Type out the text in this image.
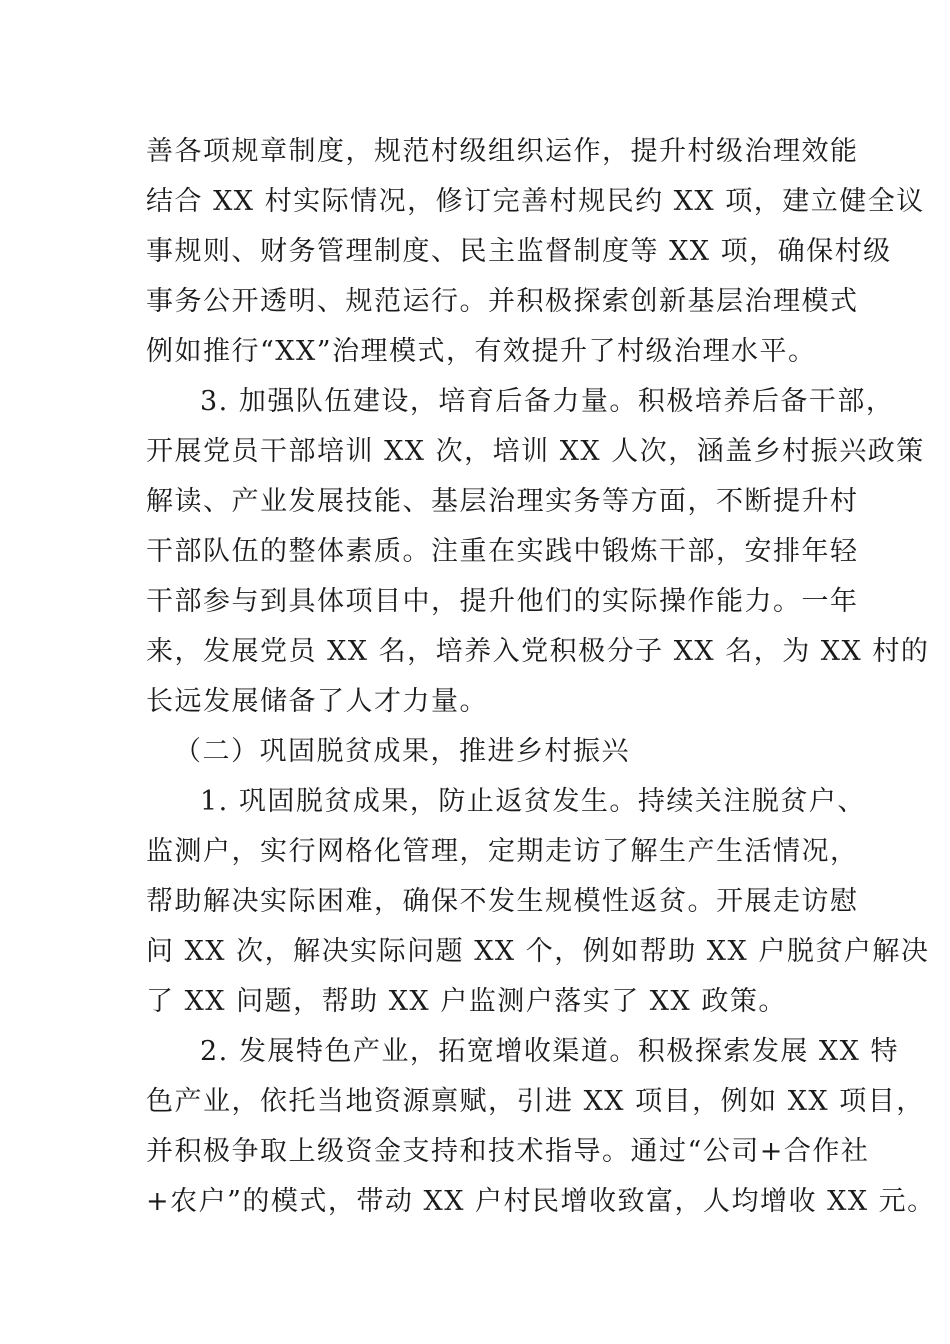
善各项规章制度，规范村级组织运作，提升村级治理效能
结合 XX 村实际情况，修订完善村规民约 XX 项，建立健全议
事规则、财务管理制度、民主监督制度等 XX 项，确保村级
事务公开透明、规范运行。并积极探索创新基层治理模式
例如推行“XX”治理模式，有效提升了村级治理水平。
3. 加强队伍建设，培育后备力量。积极培养后备干部，
开展党员干部培训 XX 次，培训 XX 人次，涵盖乡村振兴政策
解读、产业发展技能、基层治理实务等方面，不断提升村
干部队伍的整体素质。注重在实践中锻炼干部，安排年轻
干部参与到具体项目中，提升他们的实际操作能力。一年
来，发展党员 XX 名，培养入党积极分子 XX 名，为 XX 村的
长远发展储备了人才力量。
（二）巩固脱贫成果，推进乡村振兴
1. 巩固脱贫成果，防止返贫发生。持续关注脱贫户、
监测户，实行网格化管理，定期走访了解生产生活情况，
帮助解决实际困难，确保不发生规模性返贫。开展走访慰
问 XX 次，解决实际问题 XX 个，例如帮助 XX 户脱贫户解决
了 XX 问题，帮助 XX 户监测户落实了 XX 政策。
2. 发展特色产业，拓宽增收渠道。积极探索发展 XX 特
色产业，依托当地资源禀赋，引进 XX 项目，例如 XX 项目，
并积极争取上级资金支持和技术指导。通过“公司+合作社
+农户”的模式，带动 XX 户村民增收致富，人均增收 XX 元。
